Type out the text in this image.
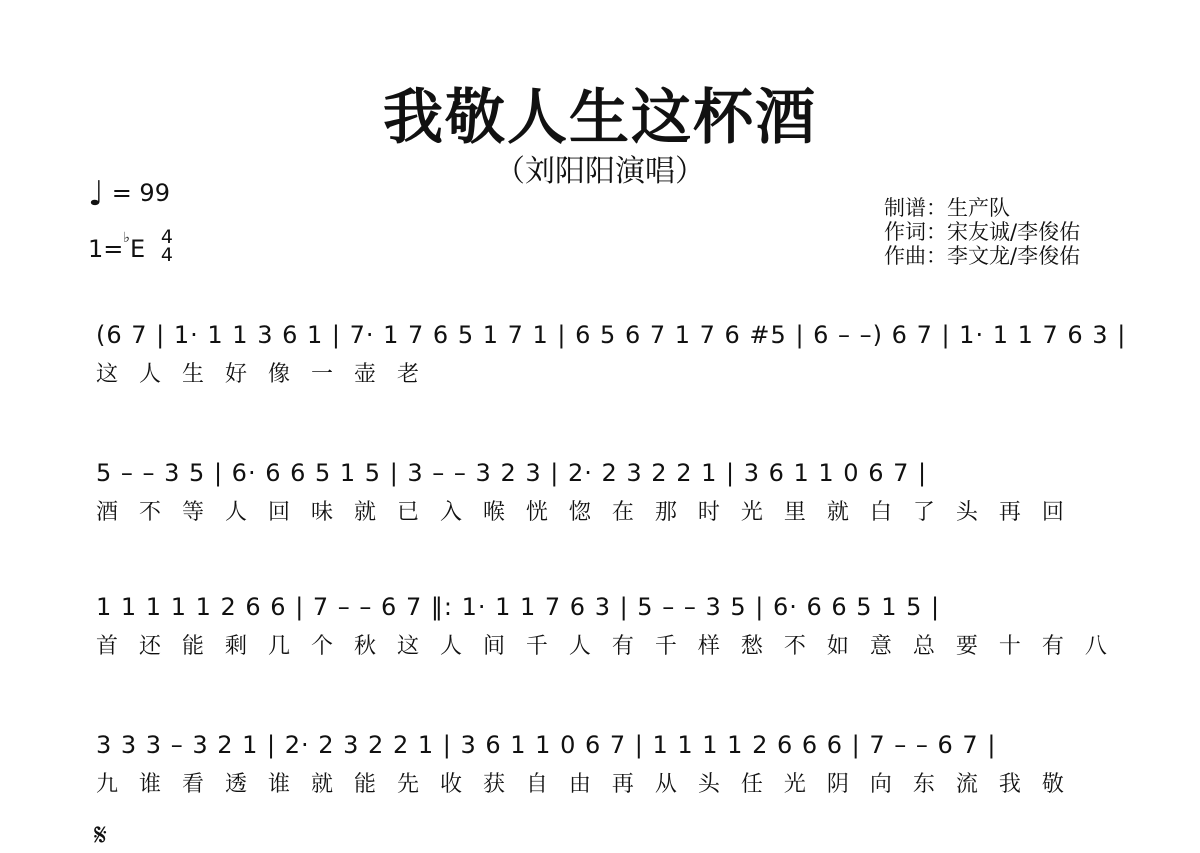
我敬人生这杯酒
（刘阳阳演唱）
♩ = 99
1=♭E 4
4
制谱：生产队
作词：宋友诚/李俊佑
作曲：李文龙/李俊佑
(6 7 | 1· 1 1 3 6 1 | 7· 1 7 6 5 1 7 1 | 6 5 6 7 1 7 6 #5 | 6 – –) 6 7 | 1· 1 1 7 6 3 |
这 人 生 好 像 一 壶 老
5 – – 3 5 | 6· 6 6 5 1 5 | 3 – – 3 2 3 | 2· 2 3 2 2 1 | 3 6 1 1 0 6 7 |
酒 不 等 人 回 味 就 已 入 喉 恍 惚 在 那 时 光 里 就 白 了 头 再 回
1 1 1 1 1 2 6 6 | 7 – – 6 7 ‖: 1· 1 1 7 6 3 | 5 – – 3 5 | 6· 6 6 5 1 5 |
首 还 能 剩 几 个 秋 这 人 间 千 人 有 千 样 愁 不 如 意 总 要 十 有 八
3 3 3 – 3 2 1 | 2· 2 3 2 2 1 | 3 6 1 1 0 6 7 | 1 1 1 1 2 6 6 6 | 7 – – 6 7 |
九 谁 看 透 谁 就 能 先 收 获 自 由 再 从 头 任 光 阴 向 东 流 我 敬
𝄋
